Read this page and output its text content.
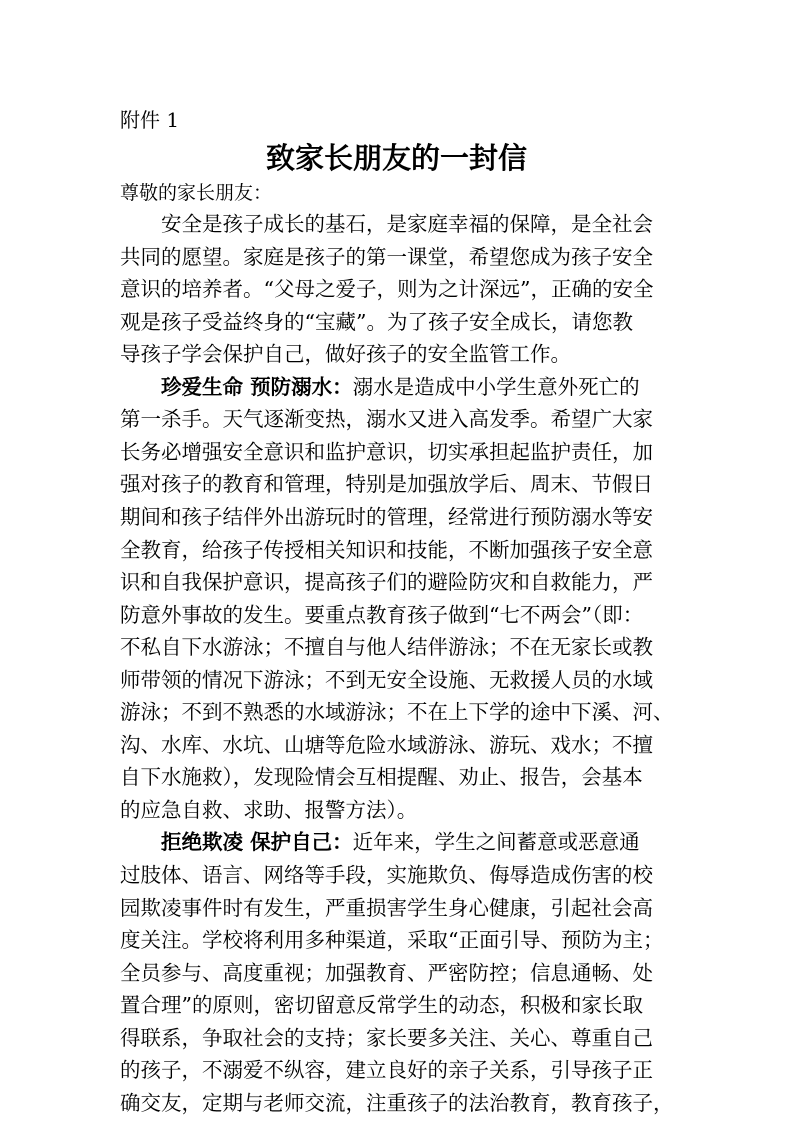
附件 1
致家长朋友的一封信
尊敬的家长朋友：
安全是孩子成长的基石，是家庭幸福的保障，是全社会
共同的愿望。家庭是孩子的第一课堂，希望您成为孩子安全
意识的培养者。“父母之爱子，则为之计深远”，正确的安全
观是孩子受益终身的“宝藏”。为了孩子安全成长，请您教
导孩子学会保护自己，做好孩子的安全监管工作。
珍爱生命 预防溺水：溺水是造成中小学生意外死亡的
第一杀手。天气逐渐变热，溺水又进入高发季。希望广大家
长务必增强安全意识和监护意识，切实承担起监护责任，加
强对孩子的教育和管理，特别是加强放学后、周末、节假日
期间和孩子结伴外出游玩时的管理，经常进行预防溺水等安
全教育，给孩子传授相关知识和技能，不断加强孩子安全意
识和自我保护意识，提高孩子们的避险防灾和自救能力，严
防意外事故的发生。要重点教育孩子做到“七不两会”（即：
不私自下水游泳；不擅自与他人结伴游泳；不在无家长或教
师带领的情况下游泳；不到无安全设施、无救援人员的水域
游泳；不到不熟悉的水域游泳；不在上下学的途中下溪、河、
沟、水库、水坑、山塘等危险水域游泳、游玩、戏水；不擅
自下水施救），发现险情会互相提醒、劝止、报告，会基本
的应急自救、求助、报警方法）。
拒绝欺凌 保护自己：近年来，学生之间蓄意或恶意通
过肢体、语言、网络等手段，实施欺负、侮辱造成伤害的校
园欺凌事件时有发生，严重损害学生身心健康，引起社会高
度关注。学校将利用多种渠道，采取“正面引导、预防为主；
全员参与、高度重视；加强教育、严密防控；信息通畅、处
置合理”的原则，密切留意反常学生的动态，积极和家长取
得联系，争取社会的支持；家长要多关注、关心、尊重自己
的孩子，不溺爱不纵容，建立良好的亲子关系，引导孩子正
确交友，定期与老师交流，注重孩子的法治教育，教育孩子，
